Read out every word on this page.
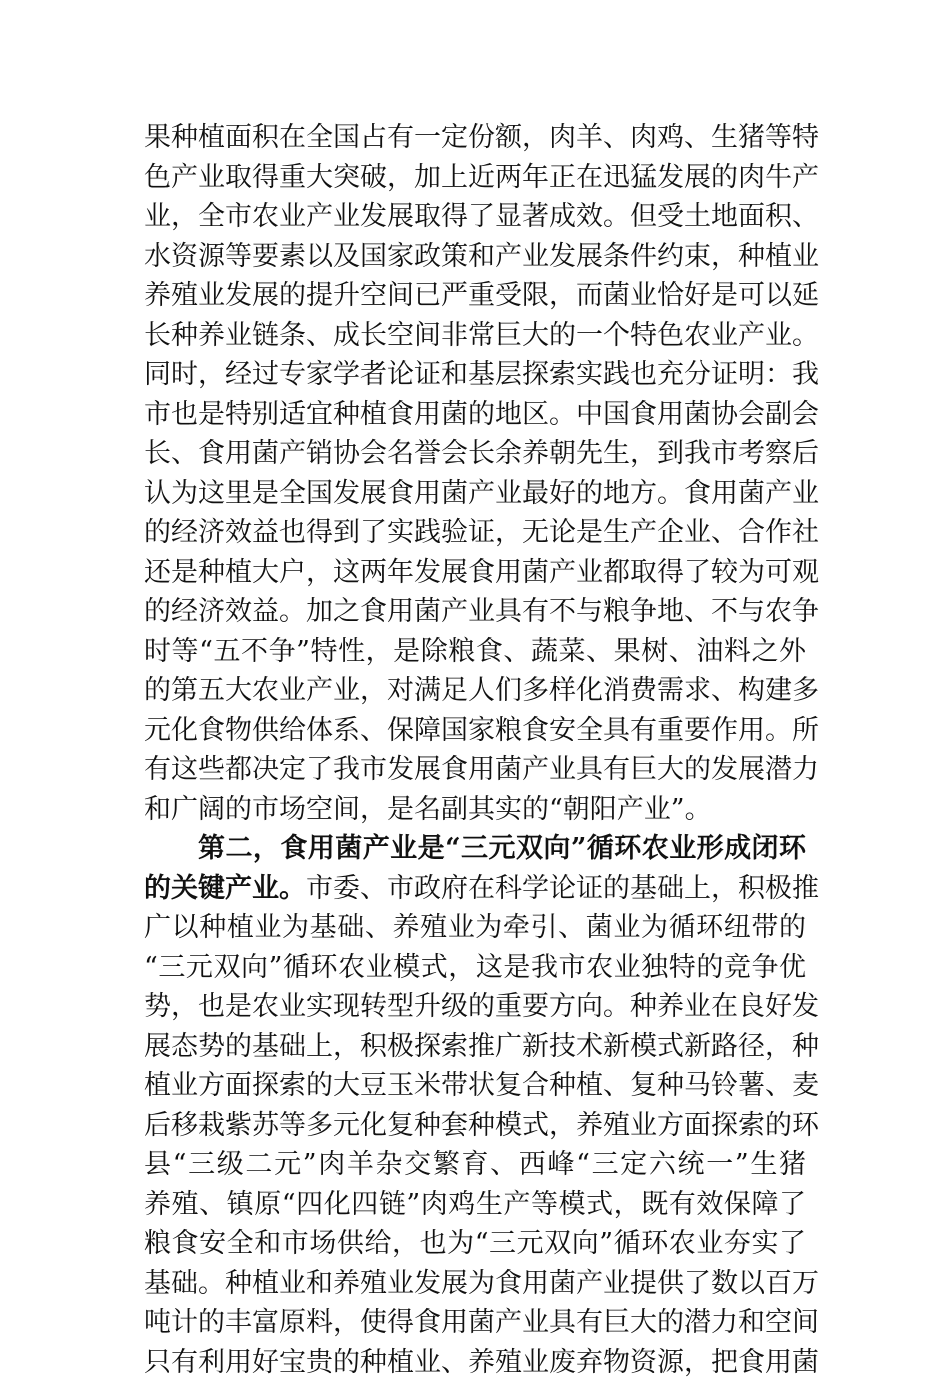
果种植面积在全国占有一定份额，肉羊、肉鸡、生猪等特
色产业取得重大突破，加上近两年正在迅猛发展的肉牛产
业，全市农业产业发展取得了显著成效。但受土地面积、
水资源等要素以及国家政策和产业发展条件约束，种植业
养殖业发展的提升空间已严重受限，而菌业恰好是可以延
长种养业链条、成长空间非常巨大的一个特色农业产业。
同时，经过专家学者论证和基层探索实践也充分证明：我
市也是特别适宜种植食用菌的地区。中国食用菌协会副会
长、食用菌产销协会名誉会长余养朝先生，到我市考察后
认为这里是全国发展食用菌产业最好的地方。食用菌产业
的经济效益也得到了实践验证，无论是生产企业、合作社
还是种植大户，这两年发展食用菌产业都取得了较为可观
的经济效益。加之食用菌产业具有不与粮争地、不与农争
时等“五不争”特性，是除粮食、蔬菜、果树、油料之外
的第五大农业产业，对满足人们多样化消费需求、构建多
元化食物供给体系、保障国家粮食安全具有重要作用。所
有这些都决定了我市发展食用菌产业具有巨大的发展潜力
和广阔的市场空间，是名副其实的“朝阳产业”。
第二，食用菌产业是“三元双向”循环农业形成闭环
的关键产业。市委、市政府在科学论证的基础上，积极推
广以种植业为基础、养殖业为牵引、菌业为循环纽带的
“三元双向”循环农业模式，这是我市农业独特的竞争优
势，也是农业实现转型升级的重要方向。种养业在良好发
展态势的基础上，积极探索推广新技术新模式新路径，种
植业方面探索的大豆玉米带状复合种植、复种马铃薯、麦
后移栽紫苏等多元化复种套种模式，养殖业方面探索的环
县“三级二元”肉羊杂交繁育、西峰“三定六统一”生猪
养殖、镇原“四化四链”肉鸡生产等模式，既有效保障了
粮食安全和市场供给，也为“三元双向”循环农业夯实了
基础。种植业和养殖业发展为食用菌产业提供了数以百万
吨计的丰富原料，使得食用菌产业具有巨大的潜力和空间
只有利用好宝贵的种植业、养殖业废弃物资源，把食用菌
